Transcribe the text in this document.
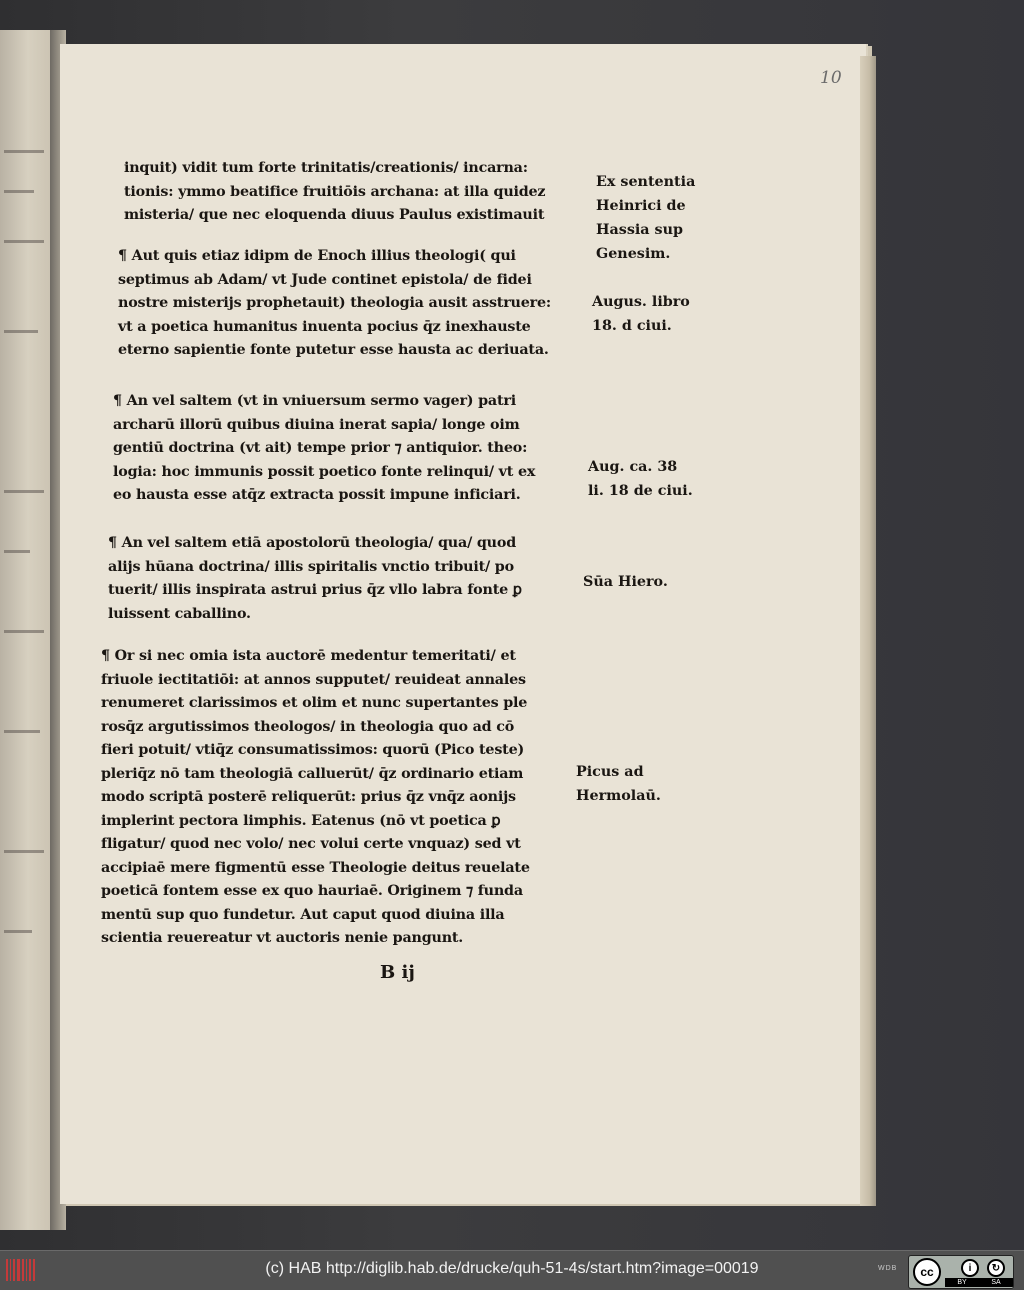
10
inquit) vidit tum forte trinitatis/creationis/ incarna:
tionis: ymmo beatifice fruitiōis archana: at illa quidez
misteria/ que nec eloquenda diuus Paulus existimauit
¶ Aut quis etiaz idipm de Enoch illius theologi( qui
septimus ab Adam/ vt Jude continet epistola/ de fidei
nostre misterijs prophetauit) theologia ausit asstruere:
vt a poetica humanitus inuenta pocius q̄z inexhauste
eterno sapientie fonte putetur esse hausta ac deriuata.
¶ An vel saltem (vt in vniuersum sermo vager) patri
archarū illorū quibus diuina inerat sapia/ longe oim
gentiū doctrina (vt ait) tempe prior ⁊ antiquior. theo:
logia: hoc immunis possit poetico fonte relinqui/ vt ex
eo hausta esse atq̄z extracta possit impune inficiari.
¶ An vel saltem etiā apostolorū theologia/ qua/ quod
alijs hūana doctrina/ illis spiritalis vnctio tribuit/ po
tuerit/ illis inspirata astrui prius q̄z vllo labra fonte ꝑ
luissent caballino.
¶ Or si nec omia ista auctorē medentur temeritati/ et
friuole iectitatiōi: at annos supputet/ reuideat annales
renumeret clarissimos et olim et nunc supertantes ple
rosq̄z argutissimos theologos/ in theologia quo ad cō
fieri potuit/ vtiq̄z consumatissimos: quorū (Pico teste)
pleriq̄z nō tam theologiā calluerūt/ q̄z ordinario etiam
modo scriptā posterē reliquerūt: prius q̄z vnq̄z aonijs
implerint pectora limphis. Eatenus (nō vt poetica ꝑ
fligatur/ quod nec volo/ nec volui certe vnquaz) sed vt
accipiaē mere figmentū esse Theologie deitus reuelate
poeticā fontem esse ex quo hauriaē. Originem ⁊ funda
mentū sup quo fundetur. Aut caput quod diuina illa
scientia reuereatur vt auctoris nenie pangunt.
Ex sententia
Heinrici de
Hassia sup
Genesim.
Augus. libro
18. d ciui.
Aug. ca. 38
li. 18 de ciui.
Sūa Hiero.
Picus ad
Hermolaū.
B ij
(c) HAB http://diglib.hab.de/drucke/quh-51-4s/start.htm?image=00019	WDB	cc	i	↻
BY	SA
